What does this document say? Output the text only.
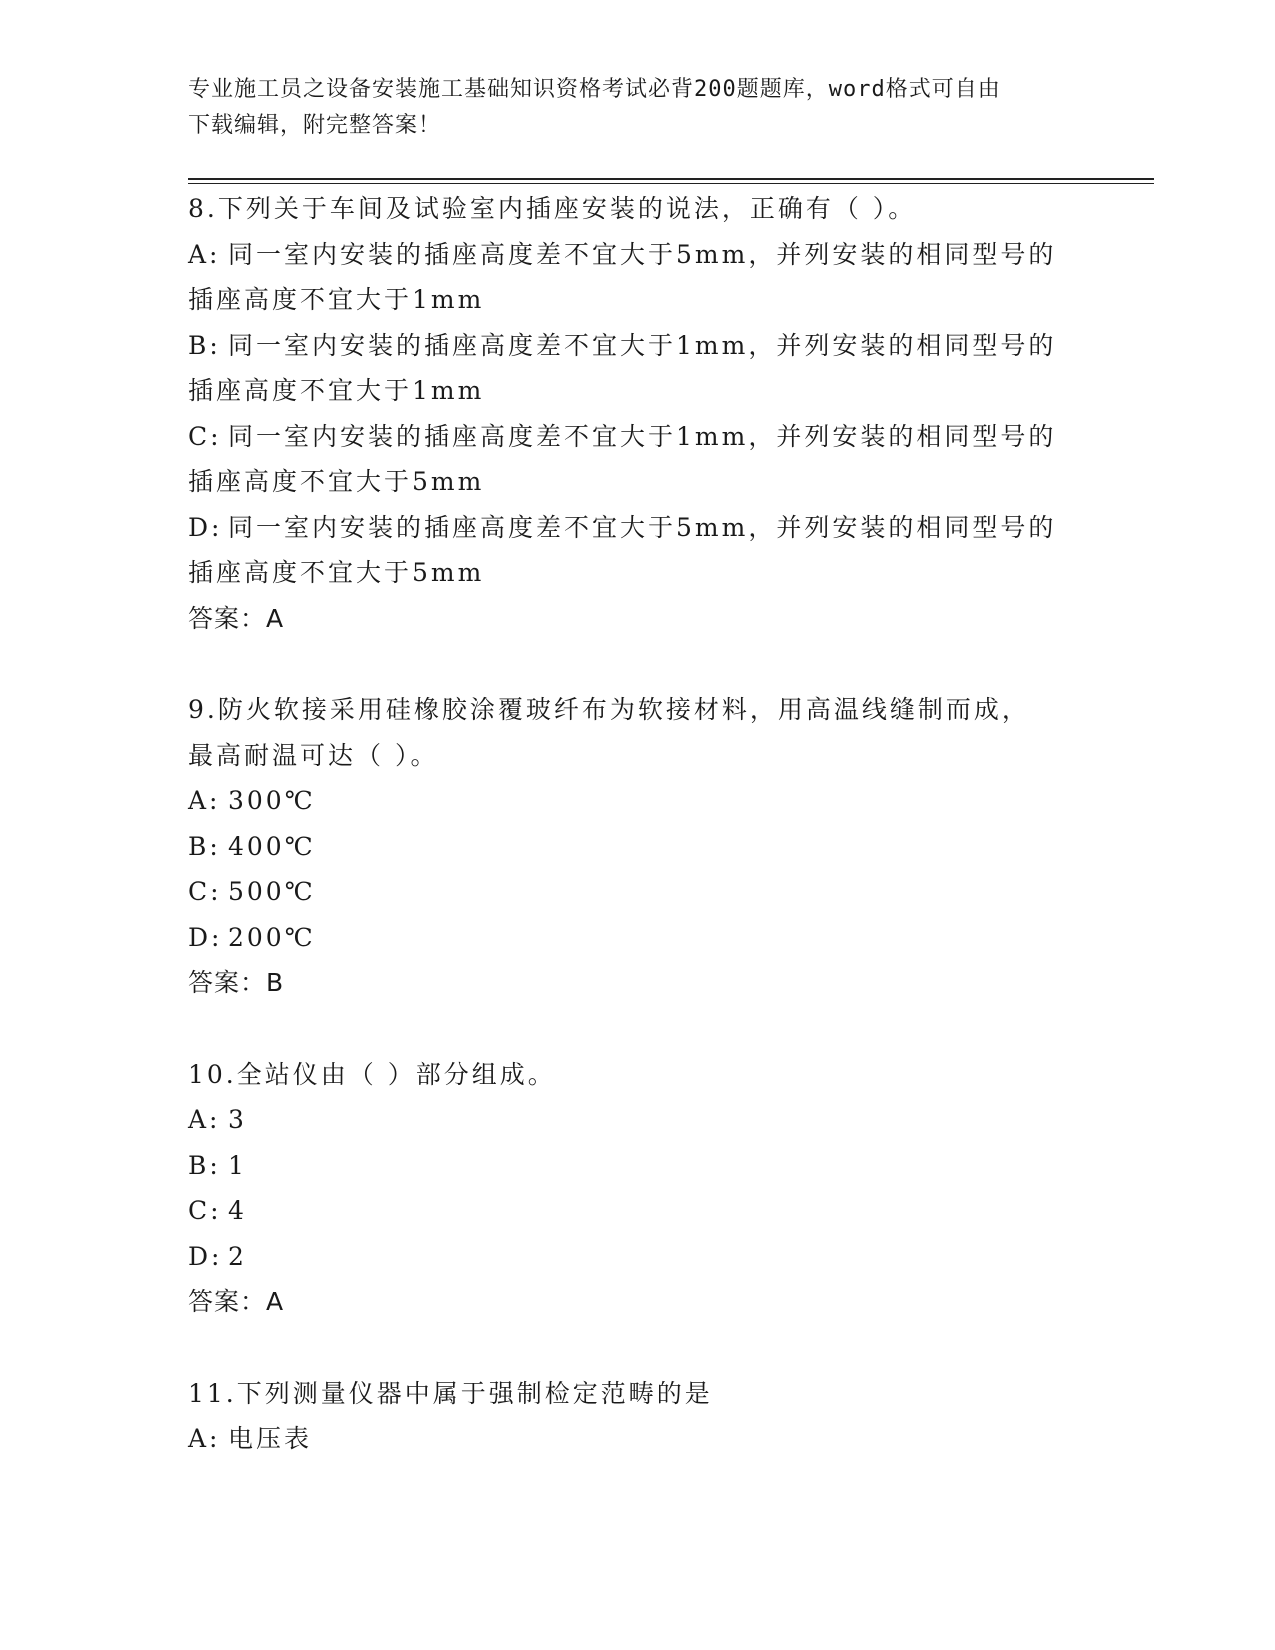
专业施工员之设备安装施工基础知识资格考试必背200题题库，word格式可自由
下载编辑，附完整答案！
8.下列关于车间及试验室内插座安装的说法，正确有（ ）。
A: 同一室内安装的插座高度差不宜大于5mm，并列安装的相同型号的
插座高度不宜大于1mm
B: 同一室内安装的插座高度差不宜大于1mm，并列安装的相同型号的
插座高度不宜大于1mm
C: 同一室内安装的插座高度差不宜大于1mm，并列安装的相同型号的
插座高度不宜大于5mm
D: 同一室内安装的插座高度差不宜大于5mm，并列安装的相同型号的
插座高度不宜大于5mm
答案：A
9.防火软接采用硅橡胶涂覆玻纤布为软接材料，用高温线缝制而成，
最高耐温可达（ ）。
A: 300℃
B: 400℃
C: 500℃
D: 200℃
答案：B
10.全站仪由（ ）部分组成。
A: 3
B: 1
C: 4
D: 2
答案：A
11.下列测量仪器中属于强制检定范畴的是
A: 电压表
